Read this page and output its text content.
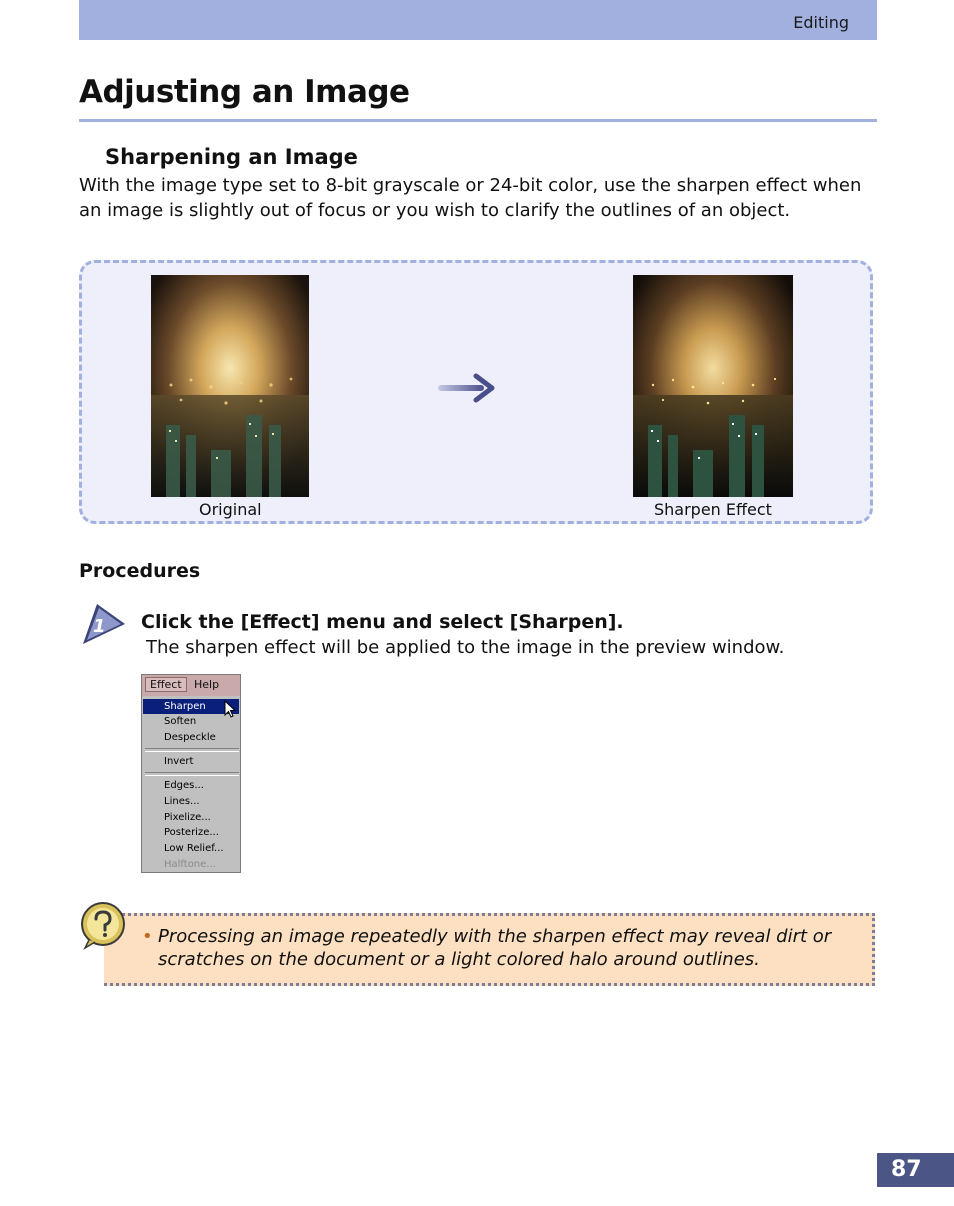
Editing
Adjusting an Image
Sharpening an Image

With the image type set to 8-bit grayscale or 24-bit color, use the sharpen effect when an image is slightly out of focus or you wish to clarify the outlines of an object.

Original	Sharpen Effect
Procedures
1 Click the [Effect] menu and select [Sharpen].

The sharpen effect will be applied to the image in the preview window.

Effect	Help
Sharpen
Soften
Despeckle
Invert
Edges...
Lines...
Pixelize...
Posterize...
Low Relief...
Halftone...
• Processing an image repeatedly with the sharpen effect may reveal dirt or scratches on the document or a light colored halo around outlines.

87
